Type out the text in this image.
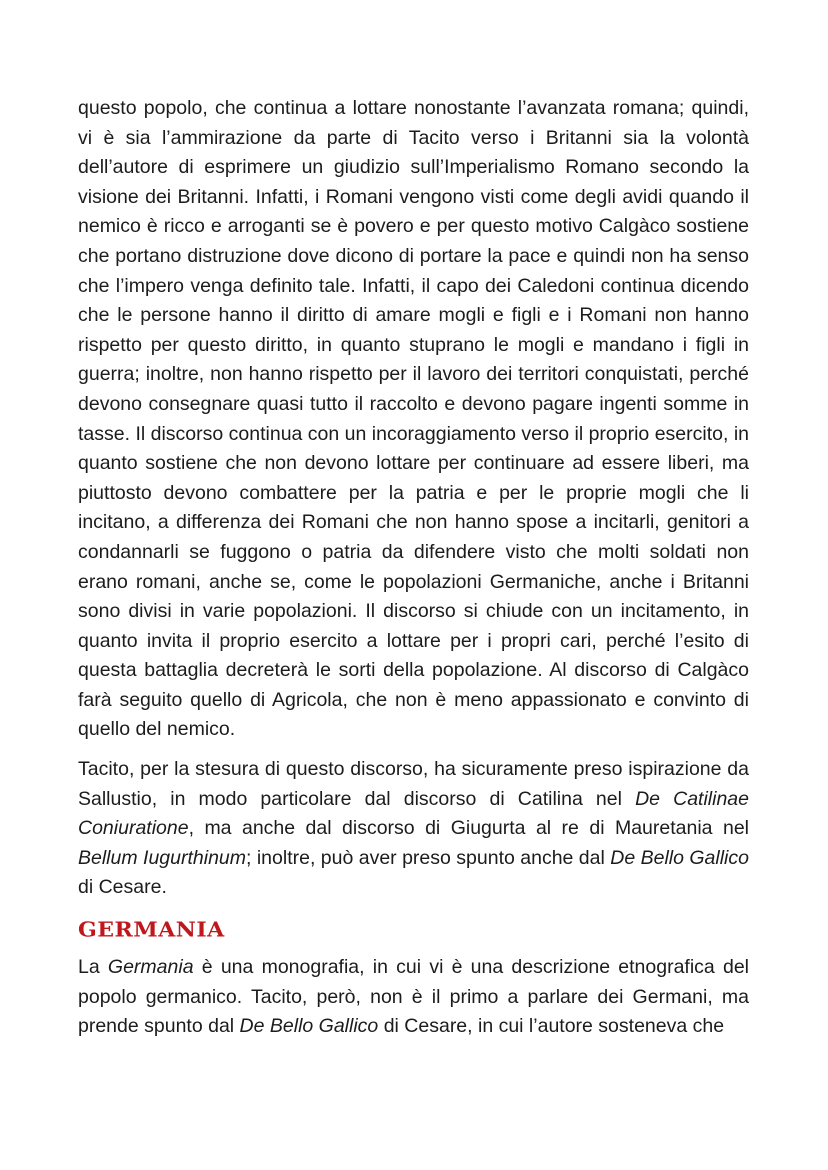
questo popolo, che continua a lottare nonostante l’avanzata romana; quindi, vi è sia l’ammirazione da parte di Tacito verso i Britanni sia la volontà dell’autore di esprimere un giudizio sull’Imperialismo Romano secondo la visione dei Britanni. Infatti, i Romani vengono visti come degli avidi quando il nemico è ricco e arroganti se è povero e per questo motivo Calgàco sostiene che portano distruzione dove dicono di portare la pace e quindi non ha senso che l’impero venga definito tale. Infatti, il capo dei Caledoni continua dicendo che le persone hanno il diritto di amare mogli e figli e i Romani non hanno rispetto per questo diritto, in quanto stuprano le mogli e mandano i figli in guerra; inoltre, non hanno rispetto per il lavoro dei territori conquistati, perché devono consegnare quasi tutto il raccolto e devono pagare ingenti somme in tasse. Il discorso continua con un incoraggiamento verso il proprio esercito, in quanto sostiene che non devono lottare per continuare ad essere liberi, ma piuttosto devono combattere per la patria e per le proprie mogli che li incitano, a differenza dei Romani che non hanno spose a incitarli, genitori a condannarli se fuggono o patria da difendere visto che molti soldati non erano romani, anche se, come le popolazioni Germaniche, anche i Britanni sono divisi in varie popolazioni. Il discorso si chiude con un incitamento, in quanto invita il proprio esercito a lottare per i propri cari, perché l’esito di questa battaglia decreterà le sorti della popolazione. Al discorso di Calgàco farà seguito quello di Agricola, che non è meno appassionato e convinto di quello del nemico.

Tacito, per la stesura di questo discorso, ha sicuramente preso ispirazione da Sallustio, in modo particolare dal discorso di Catilina nel De Catilinae Coniuratione, ma anche dal discorso di Giugurta al re di Mauretania nel Bellum Iugurthinum; inoltre, può aver preso spunto anche dal De Bello Gallico di Cesare.

GERMANIA

La Germania è una monografia, in cui vi è una descrizione etnografica del popolo germanico. Tacito, però, non è il primo a parlare dei Germani, ma prende spunto dal De Bello Gallico di Cesare, in cui l’autore sosteneva che
